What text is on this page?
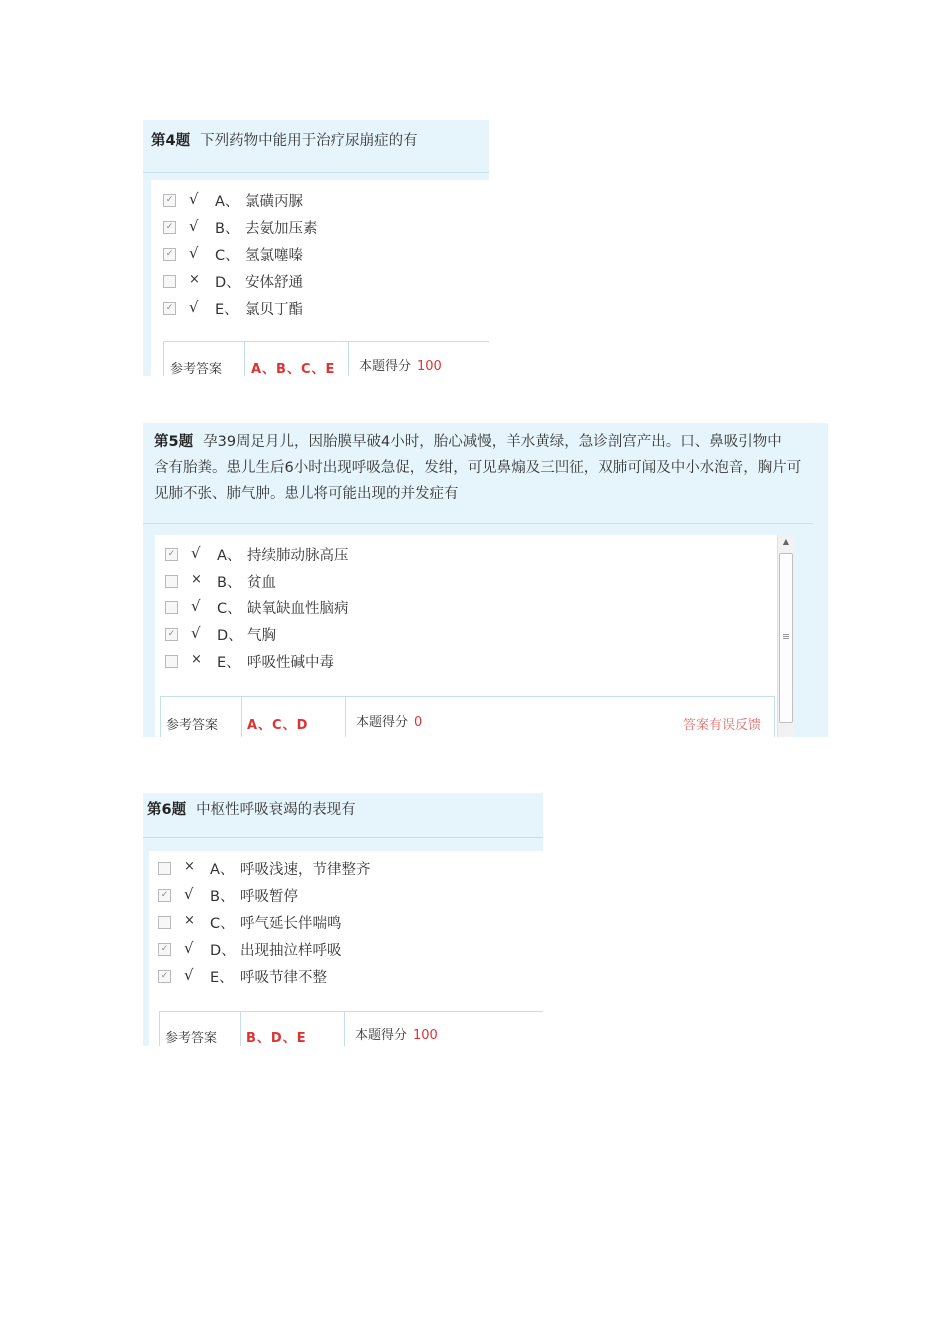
第4题 下列药物中能用于治疗尿崩症的有
✓ √ A、 氯磺丙脲
✓ √ B、 去氨加压素
✓ √ C、 氢氯噻嗪
× D、 安体舒通
✓ √ E、 氯贝丁酯
参考答案 A、B、C、E 本题得分 100
第5题 孕39周足月儿，因胎膜早破4小时，胎心减慢，羊水黄绿，急诊剖宫产出。口、鼻吸引物中
含有胎粪。患儿生后6小时出现呼吸急促，发绀，可见鼻煽及三凹征，双肺可闻及中小水泡音，胸片可
见肺不张、肺气肿。患儿将可能出现的并发症有
✓ √ A、 持续肺动脉高压
× B、 贫血
√ C、 缺氧缺血性脑病
✓ √ D、 气胸
× E、 呼吸性碱中毒
参考答案 A、C、D	本题得分 0	答案有误反馈
▲
第6题 中枢性呼吸衰竭的表现有
× A、 呼吸浅速，节律整齐
✓ √ B、 呼吸暂停
× C、 呼气延长伴喘鸣
✓ √ D、 出现抽泣样呼吸
✓ √ E、 呼吸节律不整
参考答案 B、D、E	本题得分 100
